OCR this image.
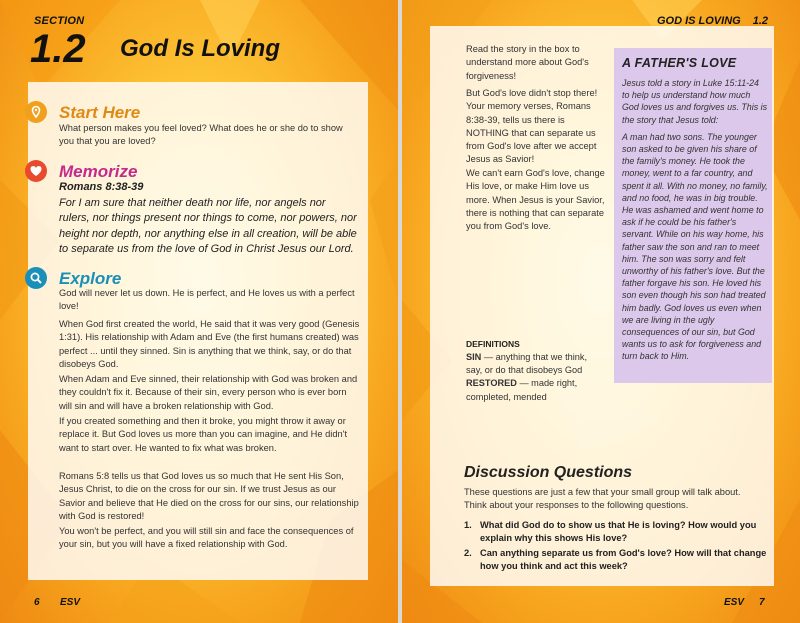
SECTION
1.2 God Is Loving
Start Here

What person makes you feel loved? What does he or she do to show you that you are loved?

Memorize
Romans 8:38-39

For I am sure that neither death nor life, nor angels nor rulers, nor things present nor things to come, nor powers, nor height nor depth, nor anything else in all creation, will be able to separate us from the love of God in Christ Jesus our Lord.

Explore

God will never let us down. He is perfect, and He loves us with a perfect love!

When God first created the world, He said that it was very good (Genesis 1:31). His relationship with Adam and Eve (the first humans created) was perfect ... until they sinned. Sin is anything that we think, say, or do that disobeys God.

When Adam and Eve sinned, their relationship with God was broken and they couldn't fix it. Because of their sin, every person who is ever born will sin and will have a broken relationship with God.

If you created something and then it broke, you might throw it away or replace it. But God loves us more than you can imagine, and He didn't want to start over. He wanted to fix what was broken.

Romans 5:8 tells us that God loves us so much that He sent His Son, Jesus Christ, to die on the cross for our sin. If we trust Jesus as our Savior and believe that He died on the cross for our sins, our relationship with God is restored!

You won't be perfect, and you will still sin and face the consequences of your sin, but you will have a fixed relationship with God.

6 ESV
GOD IS LOVING 1.2

Read the story in the box to understand more about God's forgiveness!

But God's love didn't stop there! Your memory verses, Romans 8:38-39, tells us there is NOTHING that can separate us from God's love after we accept Jesus as Savior!

We can't earn God's love, change His love, or make Him love us more. When Jesus is your Savior, there is nothing that can separate you from God's love.

A FATHER'S LOVE

Jesus told a story in Luke 15:11-24 to help us understand how much God loves us and forgives us. This is the story that Jesus told:
A man had two sons. The younger son asked to be given his share of the family's money. He took the money, went to a far country, and spent it all. With no money, no family, and no food, he was in big trouble. He was ashamed and went home to ask if he could be his father's servant. While on his way home, his father saw the son and ran to meet him. The son was sorry and felt unworthy of his father's love. But the father forgave his son. He loved his son even though his son had treated him badly. God loves us even when we are living in the ugly consequences of our sin, but God wants us to ask for forgiveness and turn back to Him.

DEFINITIONS

SIN — anything that we think, say, or do that disobeys God
RESTORED — made right, completed, mended

Discussion Questions

These questions are just a few that your small group will talk about. Think about your responses to the following questions.

1. What did God do to show us that He is loving? How would you explain why this shows His love?
2. Can anything separate us from God's love? How will that change how you think and act this week?
ESV 7
